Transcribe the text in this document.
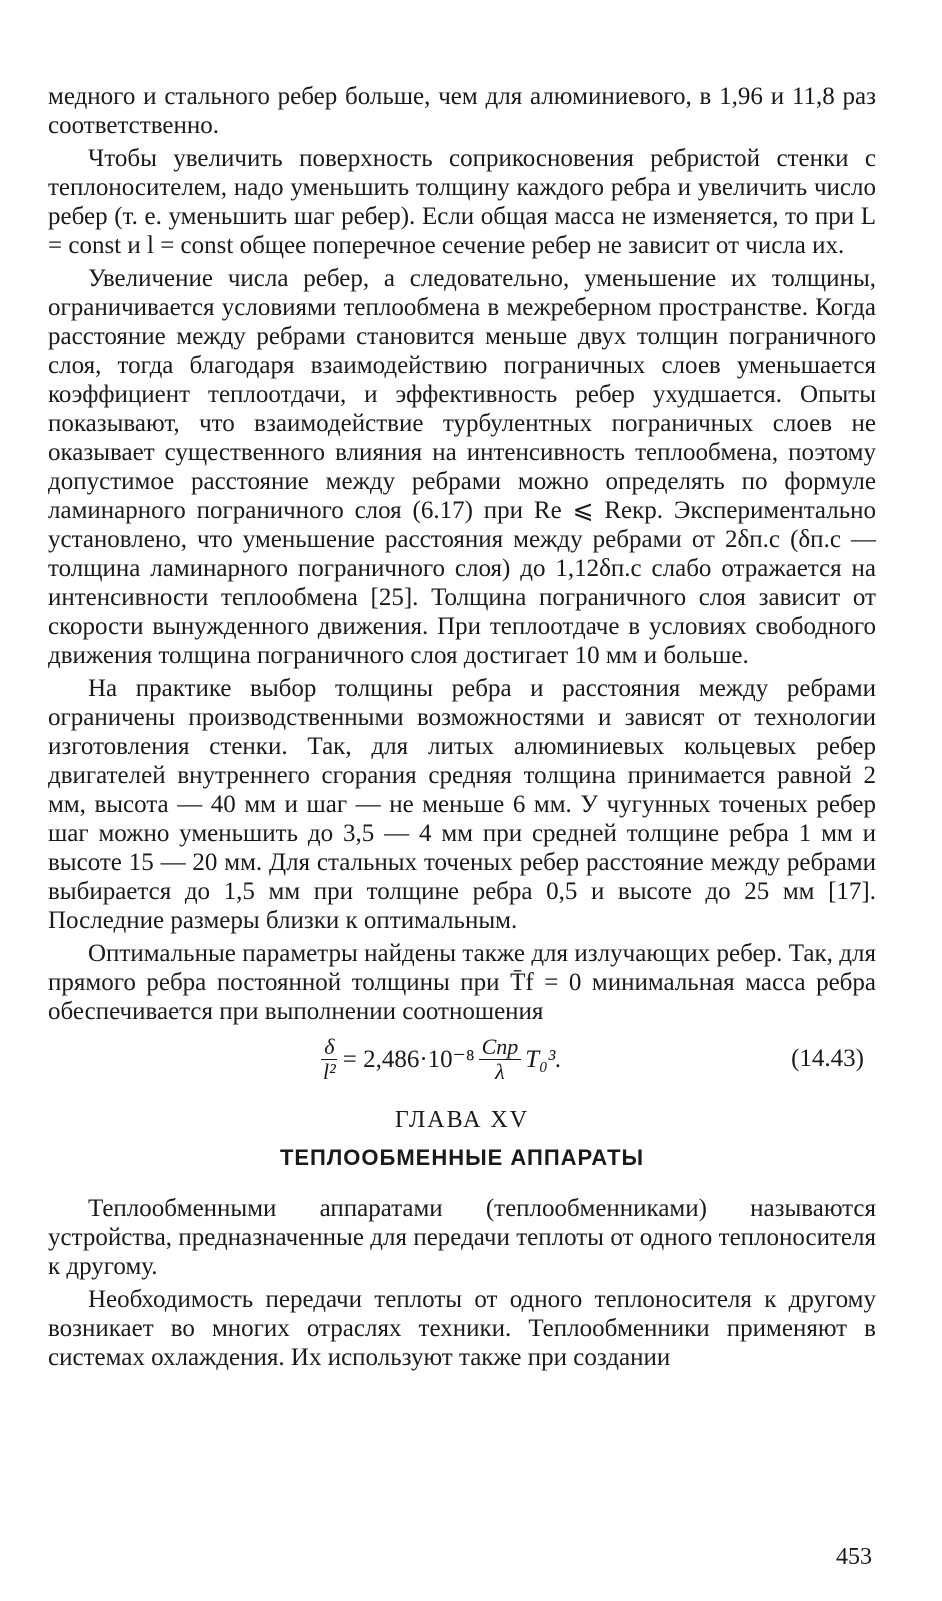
медного и стального ребер больше, чем для алюминиевого, в 1,96 и 11,8 раз соответственно.

Чтобы увеличить поверхность соприкосновения ребристой стенки с теплоносителем, надо уменьшить толщину каждого ребра и увеличить число ребер (т. е. уменьшить шаг ребер). Если общая масса не изменяется, то при L = const и l = const общее поперечное сечение ребер не зависит от числа их.

Увеличение числа ребер, а следовательно, уменьшение их толщины, ограничивается условиями теплообмена в межреберном пространстве. Когда расстояние между ребрами становится меньше двух толщин пограничного слоя, тогда благодаря взаимодействию пограничных слоев уменьшается коэффициент теплоотдачи, и эффективность ребер ухудшается. Опыты показывают, что взаимодействие турбулентных пограничных слоев не оказывает существенного влияния на интенсивность теплообмена, поэтому допустимое расстояние между ребрами можно определять по формуле ламинарного пограничного слоя (6.17) при Re ⩽ Reкр. Экспериментально установлено, что уменьшение расстояния между ребрами от 2δп.с (δп.с — толщина ламинарного пограничного слоя) до 1,12δп.с слабо отражается на интенсивности теплообмена [25]. Толщина пограничного слоя зависит от скорости вынужденного движения. При теплоотдаче в условиях свободного движения толщина пограничного слоя достигает 10 мм и больше.

На практике выбор толщины ребра и расстояния между ребрами ограничены производственными возможностями и зависят от технологии изготовления стенки. Так, для литых алюминиевых кольцевых ребер двигателей внутреннего сгорания средняя толщина принимается равной 2 мм, высота — 40 мм и шаг — не меньше 6 мм. У чугунных точеных ребер шаг можно уменьшить до 3,5 — 4 мм при средней толщине ребра 1 мм и высоте 15 — 20 мм. Для стальных точеных ребер расстояние между ребрами выбирается до 1,5 мм при толщине ребра 0,5 и высоте до 25 мм [17]. Последние размеры близки к оптимальным.

Оптимальные параметры найдены также для излучающих ребер. Так, для прямого ребра постоянной толщины при T̄f = 0 минимальная масса ребра обеспечивается при выполнении соотношения

$\frac{\delta}{\text{l²}} = 2,486\cdot 10^{-8} \frac{\text{Cпр}}{\lambda} T_0^3$.	(14.43)
ГЛАВА XV
ТЕПЛООБМЕННЫЕ АППАРАТЫ

Теплообменными аппаратами (теплообменниками) называются устройства, предназначенные для передачи теплоты от одного теплоносителя к другому.

Необходимость передачи теплоты от одного теплоносителя к другому возникает во многих отраслях техники. Теплообменники применяют в системах охлаждения. Их используют также при создании

453
